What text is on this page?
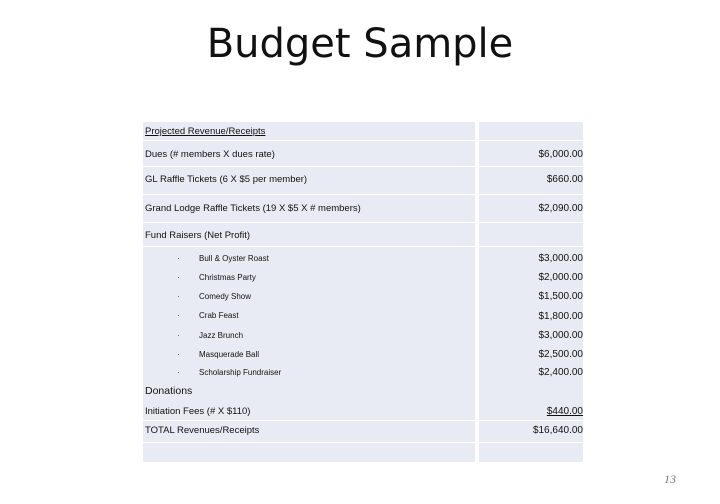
Budget Sample
Projected Revenue/Receipts
Dues (# members X dues rate)	$6,000.00
GL Raffle Tickets (6 X $5 per member)	$660.00
Grand Lodge Raffle Tickets (19 X $5 X # members)	$2,090.00
Fund Raisers (Net Profit)
· Bull & Oyster Roast	$3,000.00
· Christmas Party	$2,000.00
· Comedy Show	$1,500.00
· Crab Feast	$1,800.00
· Jazz Brunch	$3,000.00
· Masquerade Ball	$2,500.00
· Scholarship Fundraiser	$2,400.00
Donations
Initiation Fees (# X $110)	$440.00
TOTAL Revenues/Receipts	$16,640.00
13
